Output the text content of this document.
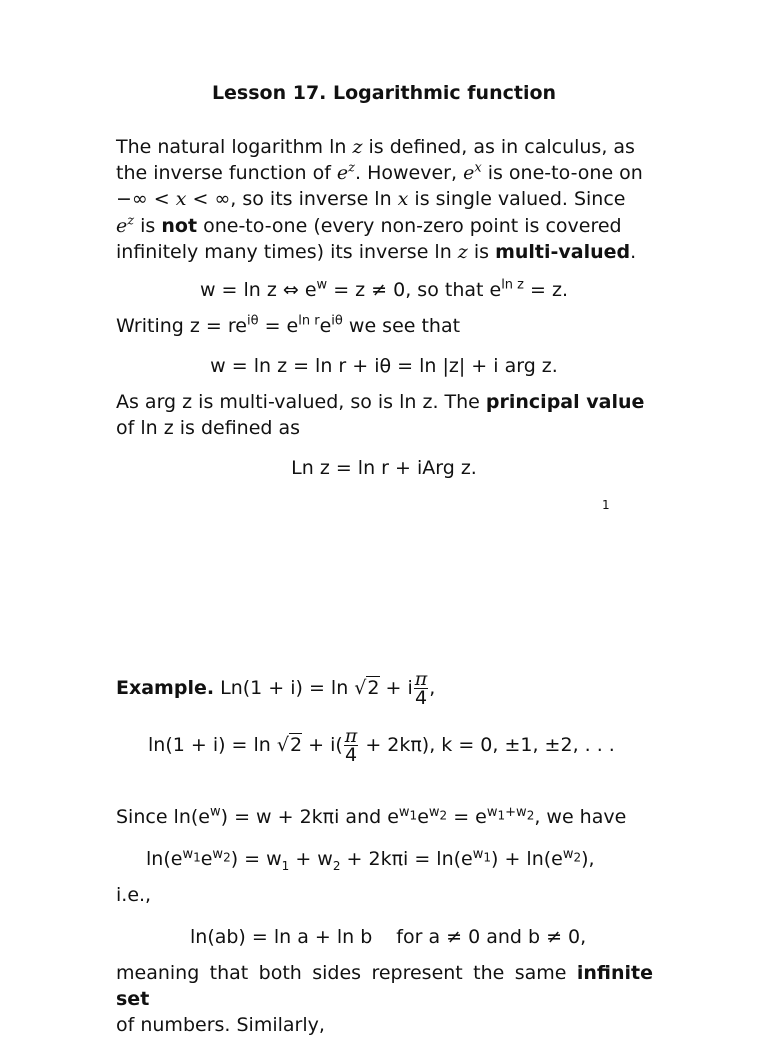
Lesson 17. Logarithmic function
The natural logarithm ln z is defined, as in calculus, as
the inverse function of $e^z$. However, $e^x$ is one-to-one on
−∞ < x < ∞, so its inverse ln x is single valued. Since
$e^z$ is not one-to-one (every non-zero point is covered
infinitely many times) its inverse ln z is multi-valued.
w = ln z ⇔ $e^w = z \ne 0$, so that $e^{ln z} = z$.
Writing $z = re^{i\theta} = e^{ln r}e^{i\theta}$ we see that
w = ln z = ln r + iθ = ln |z| + i arg z.
As arg z is multi-valued, so is ln z. The principal value
of ln z is defined as
Ln z = ln r + iArg z.
1
Example. Ln(1 + i) = ln √2 + i $\frac{\pi}{4}$ ,
$\ln(1 + i) = \ln √2 + i( \frac{\pi}{4} + 2k\pi)$, k = 0, ±1, ±2, . . .
Since $\ln(e^w) = w + 2k\pi i$ and $e^{w_1}e^{w_2} = e^{w_1+w_2}$, we have
$\ln(e^{w_1}e^{w_2}) = w_1 + w_2 + 2k\pi i = \ln(e^{w_1}) + \ln(e^{w_2})$,
i.e.,
ln(ab) = ln a + ln b for a ≠ 0 and b ≠ 0,
meaning that both sides represent the same infinite set
of numbers. Similarly,
